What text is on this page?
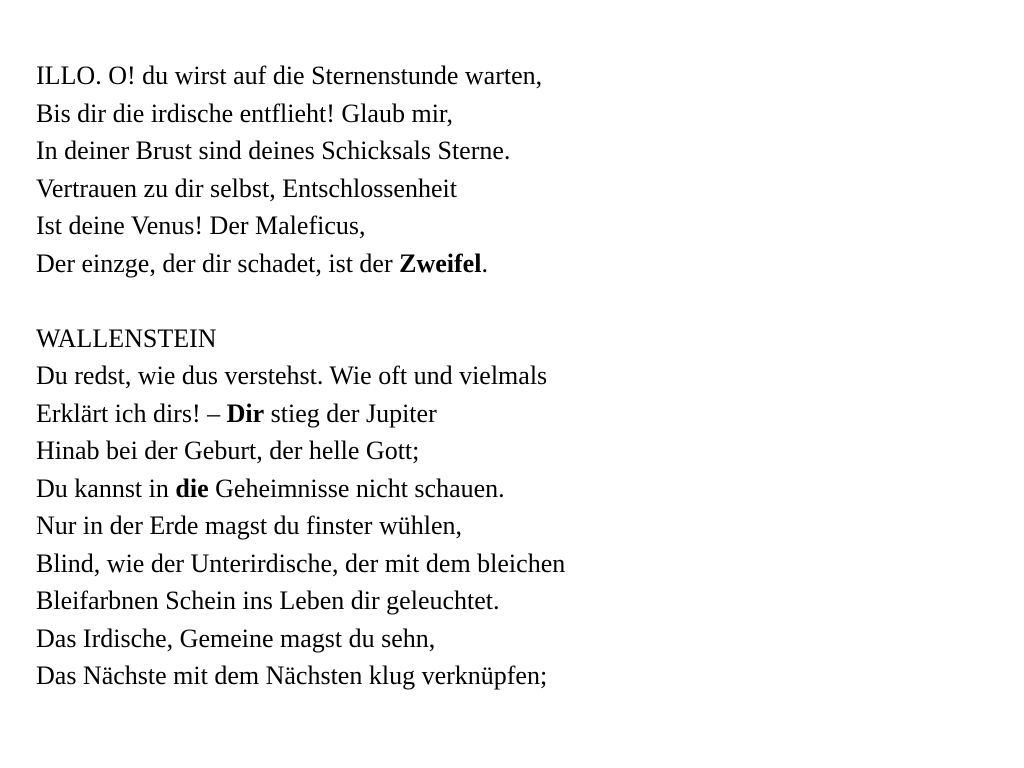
ILLO. O! du wirst auf die Sternenstunde warten,
Bis dir die irdische entflieht! Glaub mir,
In deiner Brust sind deines Schicksals Sterne.
Vertrauen zu dir selbst, Entschlossenheit
Ist deine Venus! Der Maleficus,
Der einzge, der dir schadet, ist der Zweifel.
WALLENSTEIN
Du redst, wie dus verstehst. Wie oft und vielmals
Erklärt ich dirs! – Dir stieg der Jupiter
Hinab bei der Geburt, der helle Gott;
Du kannst in die Geheimnisse nicht schauen.
Nur in der Erde magst du finster wühlen,
Blind, wie der Unterirdische, der mit dem bleichen
Bleifarbnen Schein ins Leben dir geleuchtet.
Das Irdische, Gemeine magst du sehn,
Das Nächste mit dem Nächsten klug verknüpfen;
